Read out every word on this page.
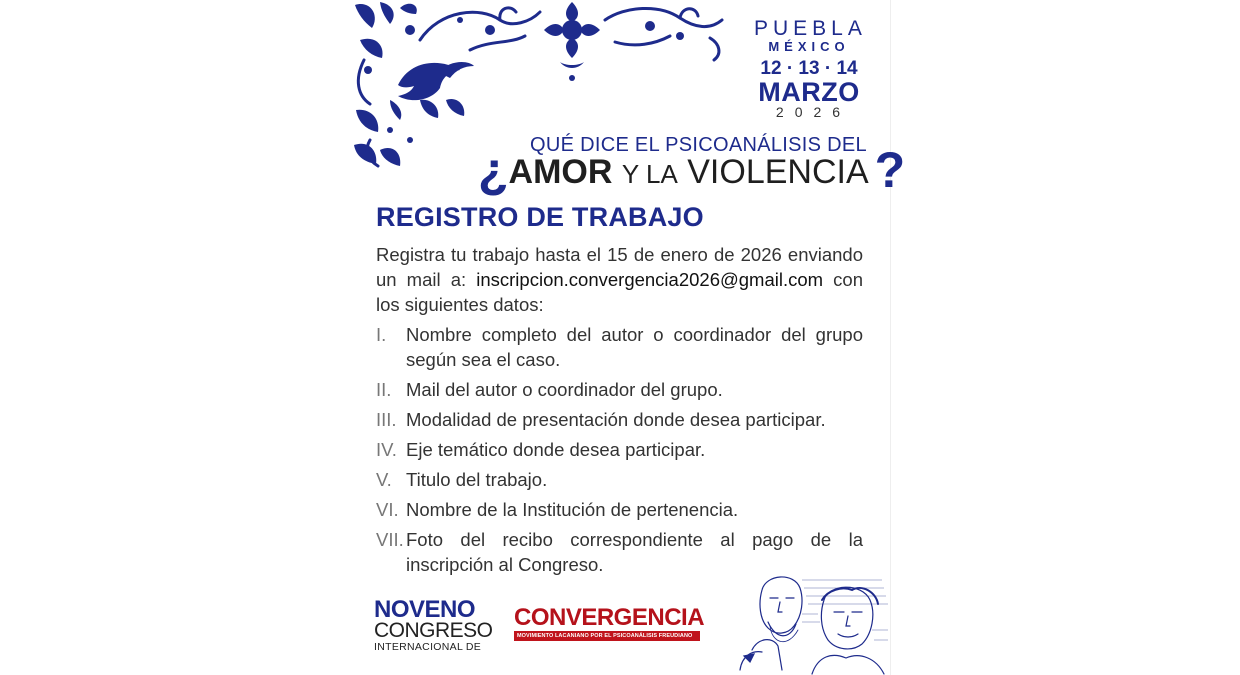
PUEBLA
MÉXICO
12 · 13 · 14
MARZO
2026
QUÉ DICE EL PSICOANÁLISIS DEL
¿AMOR Y LA VIOLENCIA ?
REGISTRO DE TRABAJO
Registra tu trabajo hasta el 15 de enero de 2026 enviando un mail a: inscripcion.convergencia2026@gmail.com con los siguientes datos:
I.	Nombre completo del autor o coordinador del grupo según sea el caso.
II. Mail del autor o coordinador del grupo.
III. Modalidad de presentación donde desea participar.
IV. Eje temático donde desea participar.
V. Titulo del trabajo.
VI. Nombre de la Institución de pertenencia.
VII. Foto del recibo correspondiente al pago de la inscripción al Congreso.
NOVENO
CONGRESO
INTERNACIONAL DE
CONVERGENCIA
MOVIMIENTO LACANIANO POR EL PSICOANÁLISIS FREUDIANO
